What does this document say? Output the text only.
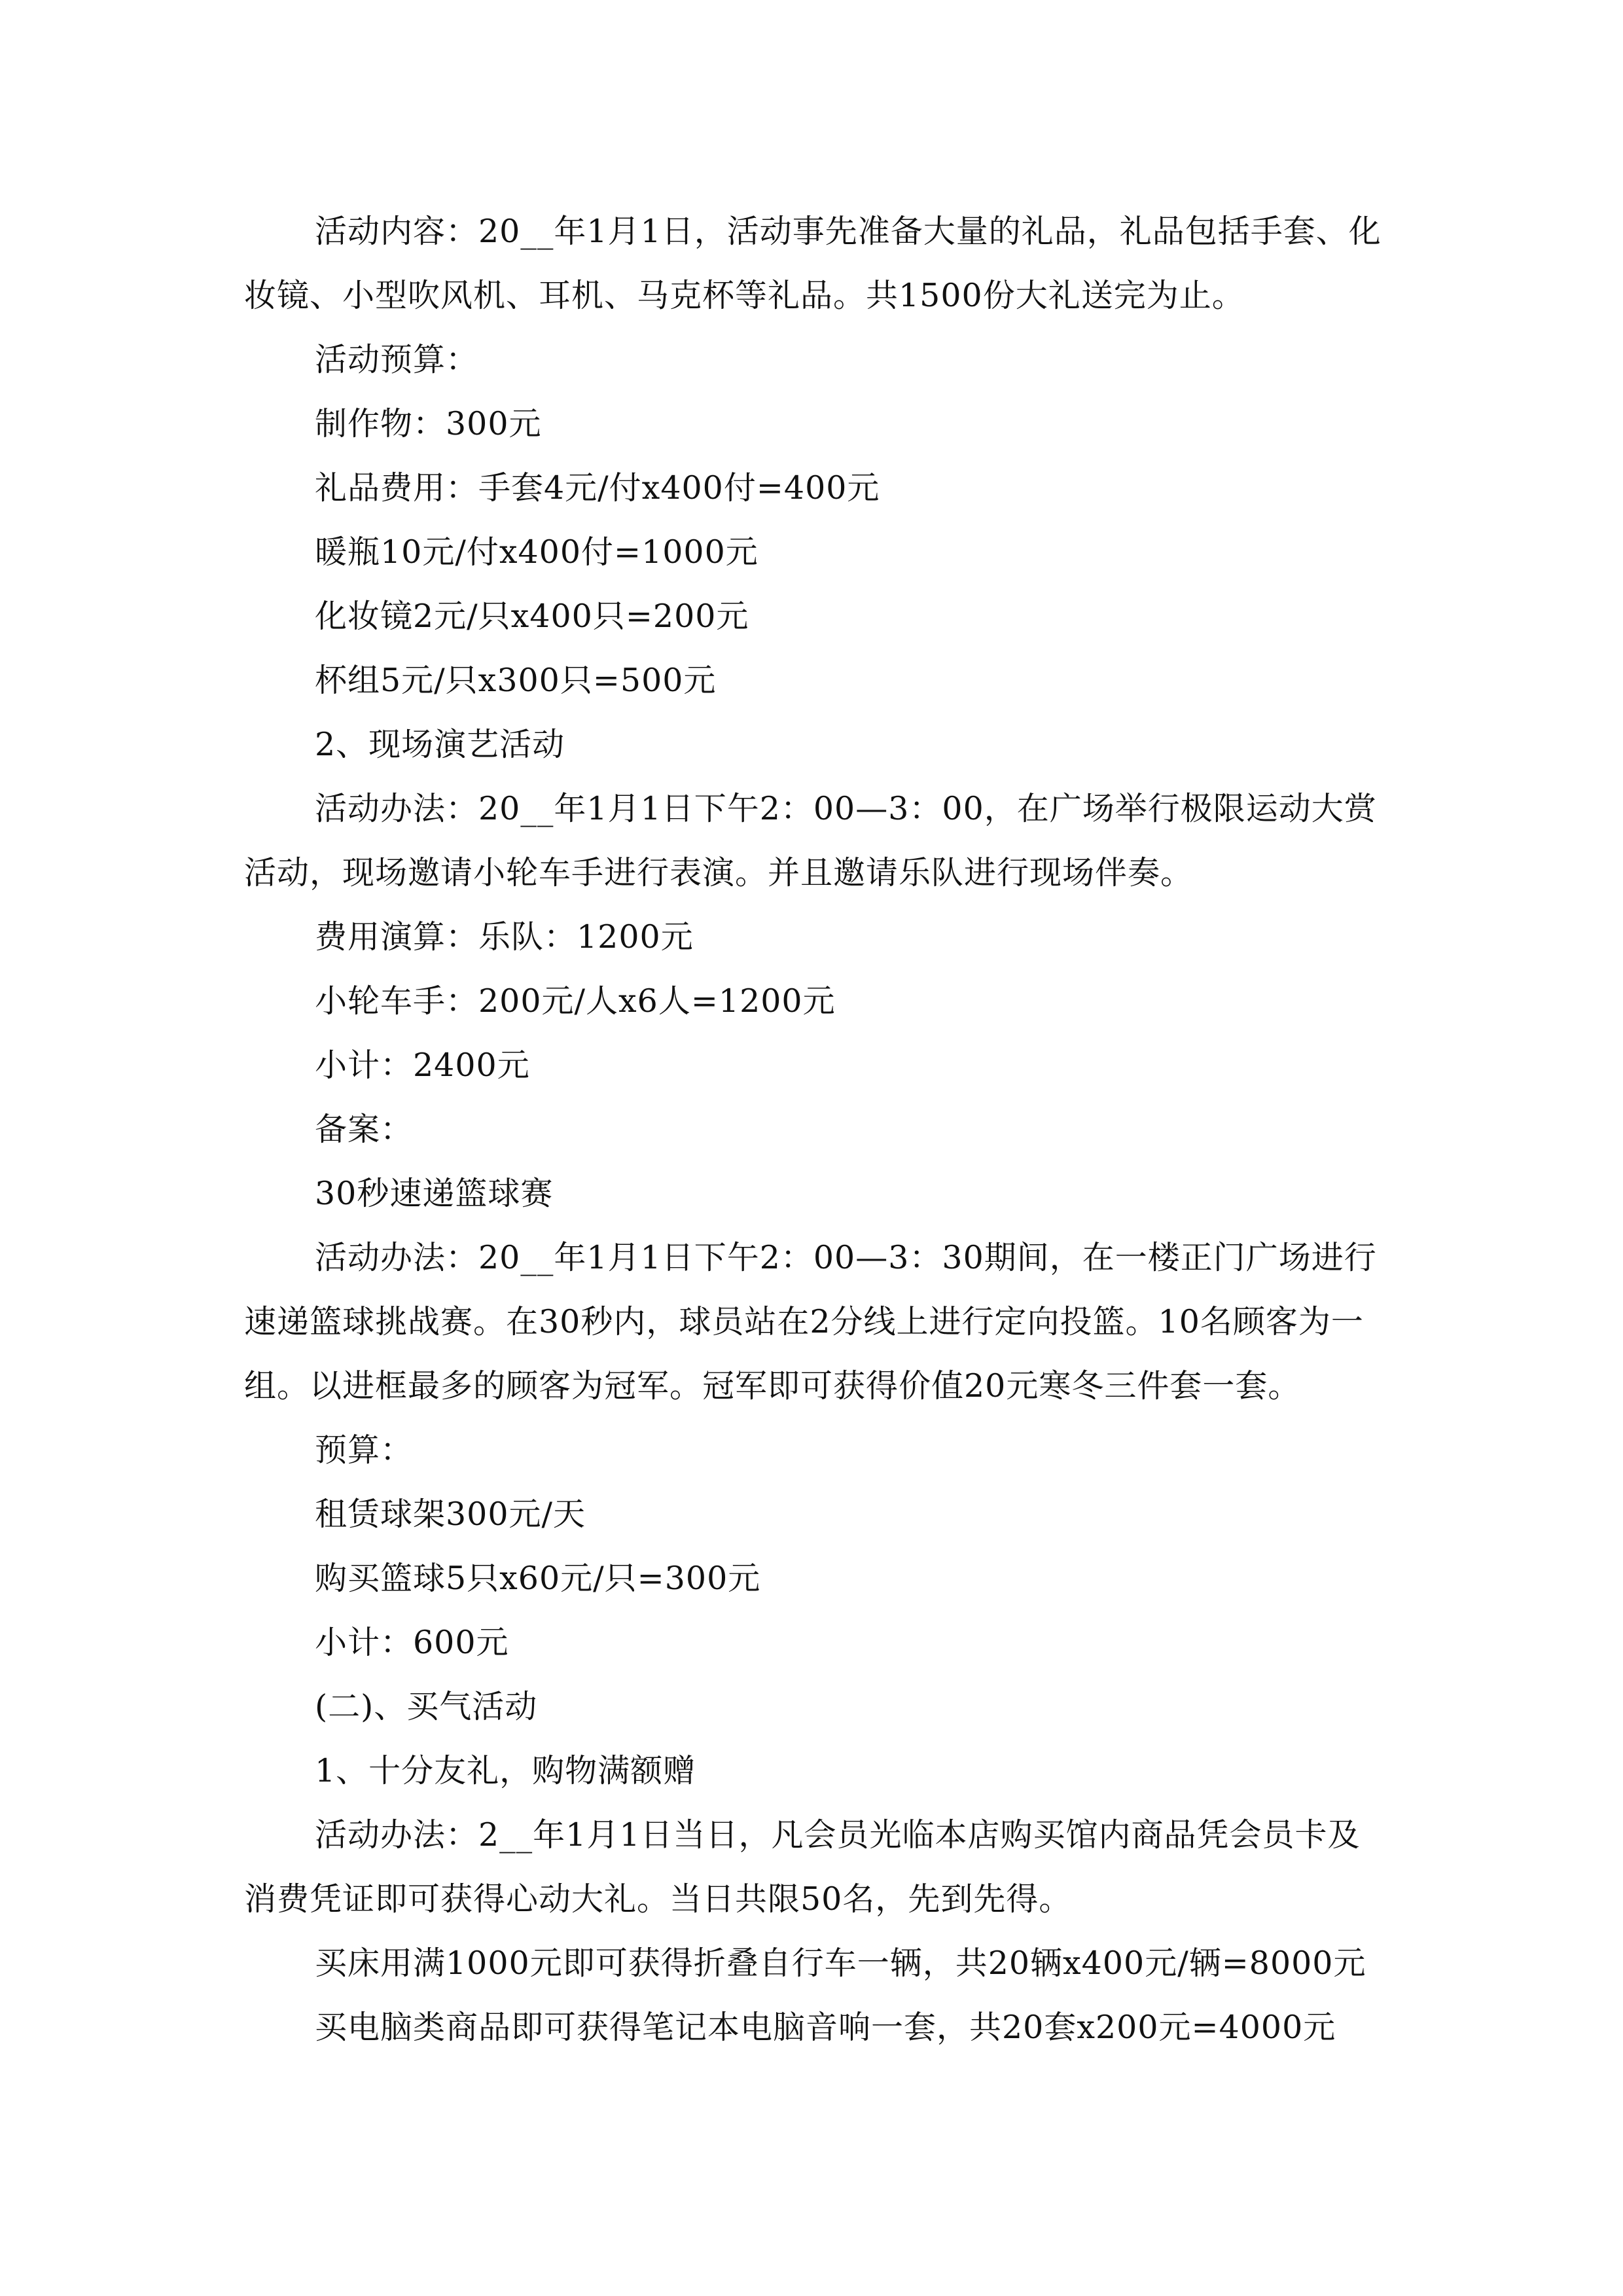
活动内容：20__年1月1日，活动事先准备大量的礼品，礼品包括手套、化妆镜、小型吹风机、耳机、马克杯等礼品。共1500份大礼送完为止。

活动预算：

制作物：300元

礼品费用：手套4元/付x400付=400元

暖瓶10元/付x400付=1000元

化妆镜2元/只x400只=200元

杯组5元/只x300只=500元

2、现场演艺活动

活动办法：20__年1月1日下午2：00—3：00，在广场举行极限运动大赏活动，现场邀请小轮车手进行表演。并且邀请乐队进行现场伴奏。

费用演算：乐队：1200元

小轮车手：200元/人x6人=1200元

小计：2400元

备案：

30秒速递篮球赛

活动办法：20__年1月1日下午2：00—3：30期间，在一楼正门广场进行速递篮球挑战赛。在30秒内，球员站在2分线上进行定向投篮。10名顾客为一组。以进框最多的顾客为冠军。冠军即可获得价值20元寒冬三件套一套。

预算：

租赁球架300元/天

购买篮球5只x60元/只=300元

小计：600元

(二)、买气活动

1、十分友礼，购物满额赠

活动办法：2__年1月1日当日，凡会员光临本店购买馆内商品凭会员卡及消费凭证即可获得心动大礼。当日共限50名，先到先得。

买床用满1000元即可获得折叠自行车一辆，共20辆x400元/辆=8000元

买电脑类商品即可获得笔记本电脑音响一套，共20套x200元=4000元
